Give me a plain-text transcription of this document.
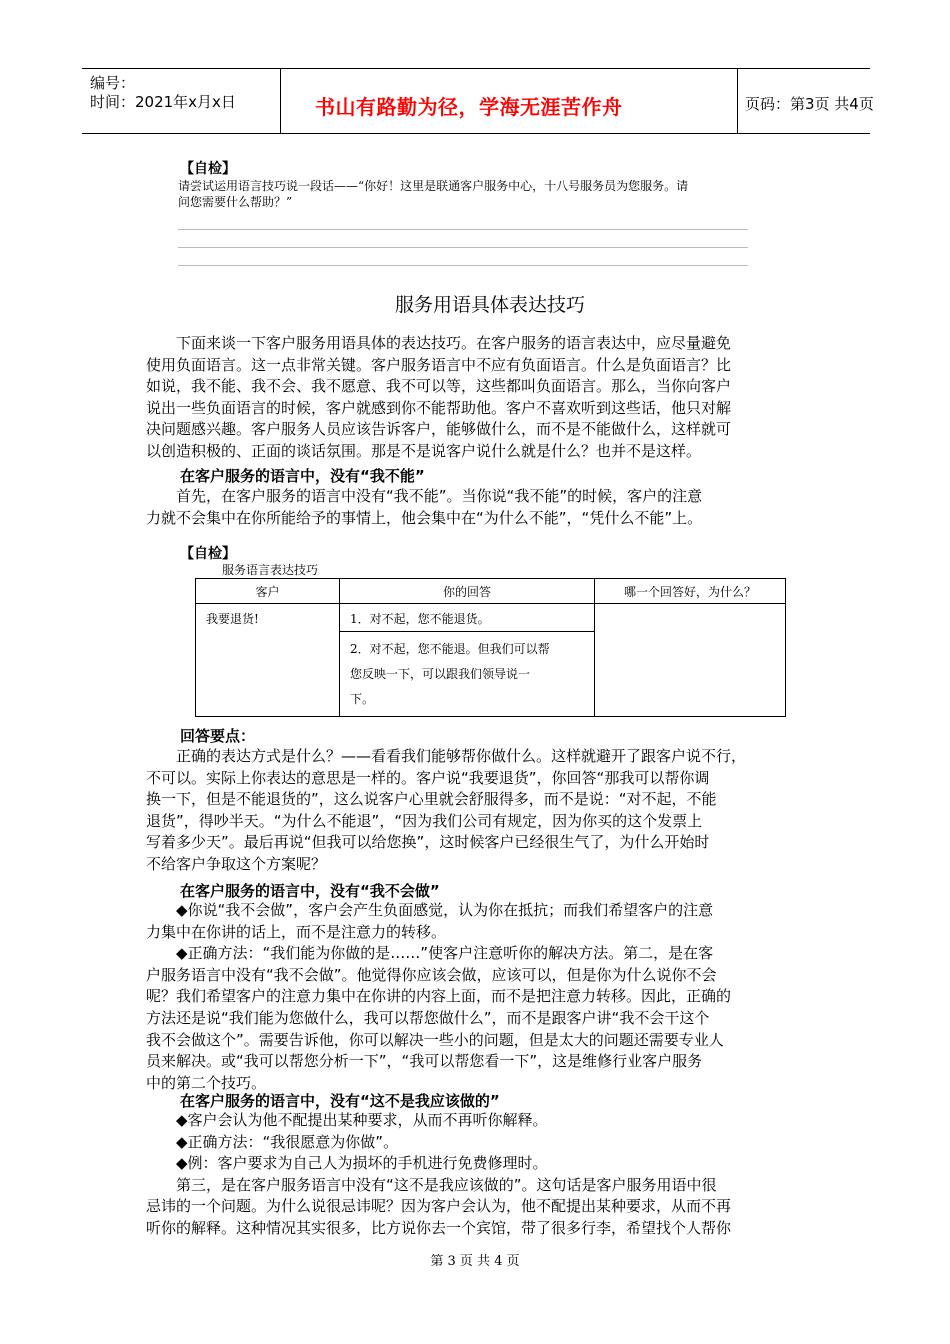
编号：
时间：2021年x月x日	书山有路勤为径，学海无涯苦作舟	页码：第3页 共4页
【自检】
请尝试运用语言技巧说一段话——“你好！这里是联通客户服务中心，十八号服务员为您服务。请
问您需要什么帮助？”
服务用语具体表达技巧
下面来谈一下客户服务用语具体的表达技巧。在客户服务的语言表达中，应尽量避免
使用负面语言。这一点非常关键。客户服务语言中不应有负面语言。什么是负面语言？比
如说，我不能、我不会、我不愿意、我不可以等，这些都叫负面语言。那么，当你向客户
说出一些负面语言的时候，客户就感到你不能帮助他。客户不喜欢听到这些话，他只对解
决问题感兴趣。客户服务人员应该告诉客户，能够做什么，而不是不能做什么，这样就可
以创造积极的、正面的谈话氛围。那是不是说客户说什么就是什么？也并不是这样。
在客户服务的语言中，没有“我不能”
首先，在客户服务的语言中没有“我不能”。当你说“我不能”的时候，客户的注意
力就不会集中在你所能给予的事情上，他会集中在“为什么不能”，“凭什么不能”上。
【自检】
服务语言表达技巧
客户	你的回答	哪一个回答好，为什么？
我要退货!	1．对不起，您不能退货。	

	2．对不起，您不能退。但我们可以帮
您反映一下，可以跟我们领导说一
下。	
回答要点：
正确的表达方式是什么？——看看我们能够帮你做什么。这样就避开了跟客户说不行，
不可以。实际上你表达的意思是一样的。客户说“我要退货”，你回答“那我可以帮你调
换一下，但是不能退货的”，这么说客户心里就会舒服得多，而不是说：“对不起，不能
退货”，得吵半天。“为什么不能退”，“因为我们公司有规定，因为你买的这个发票上
写着多少天”。最后再说“但我可以给您换”，这时候客户已经很生气了，为什么开始时
不给客户争取这个方案呢？
在客户服务的语言中，没有“我不会做”
◆你说“我不会做”，客户会产生负面感觉，认为你在抵抗；而我们希望客户的注意
力集中在你讲的话上，而不是注意力的转移。
◆正确方法：“我们能为你做的是……”使客户注意听你的解决方法。第二，是在客
户服务语言中没有“我不会做”。他觉得你应该会做，应该可以，但是你为什么说你不会
呢？我们希望客户的注意力集中在你讲的内容上面，而不是把注意力转移。因此，正确的
方法还是说“我们能为您做什么，我可以帮您做什么”，而不是跟客户讲“我不会干这个
我不会做这个”。需要告诉他，你可以解决一些小的问题，但是太大的问题还需要专业人
员来解决。或“我可以帮您分析一下”，“我可以帮您看一下”，这是维修行业客户服务
中的第二个技巧。
在客户服务的语言中，没有“这不是我应该做的”
◆客户会认为他不配提出某种要求，从而不再听你解释。
◆正确方法：“我很愿意为你做”。
◆例：客户要求为自己人为损坏的手机进行免费修理时。
第三，是在客户服务语言中没有“这不是我应该做的”。这句话是客户服务用语中很
忌讳的一个问题。为什么说很忌讳呢？因为客户会认为，他不配提出某种要求，从而不再
听你的解释。这种情况其实很多，比方说你去一个宾馆，带了很多行李，希望找个人帮你
第 3 页 共 4 页
